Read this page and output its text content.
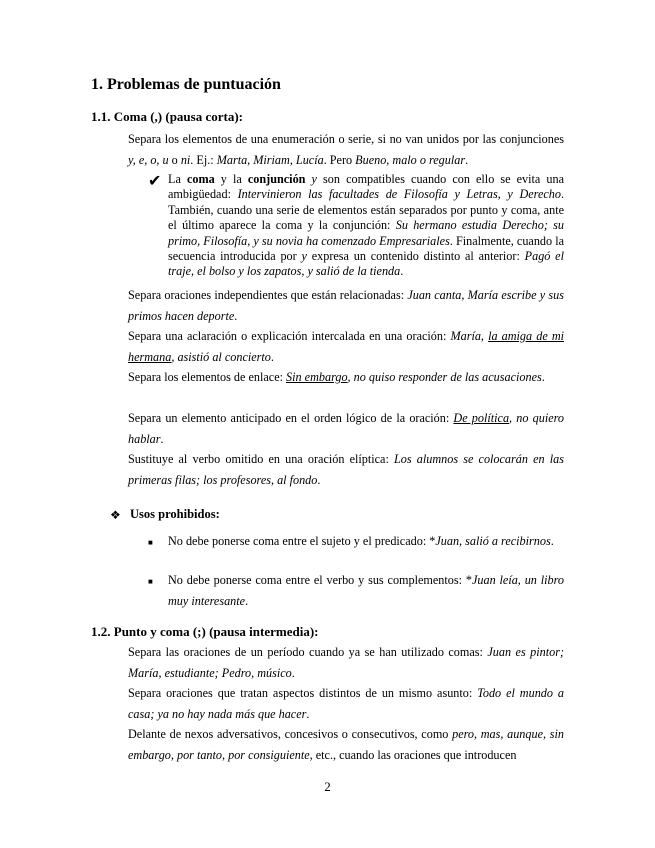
1. Problemas de puntuación
1.1. Coma (,) (pausa corta):

Separa los elementos de una enumeración o serie, si no van unidos por las conjunciones y, e, o, u o ni. Ej.: Marta, Miriam, Lucía. Pero Bueno, malo o regular.

✔ La coma y la conjunción y son compatibles cuando con ello se evita una ambigüedad: Intervinieron las facultades de Filosofía y Letras, y Derecho. También, cuando una serie de elementos están separados por punto y coma, ante el último aparece la coma y la conjunción: Su hermano estudia Derecho; su primo, Filosofía, y su novia ha comenzado Empresariales. Finalmente, cuando la secuencia introducida por y expresa un contenido distinto al anterior: Pagó el traje, el bolso y los zapatos, y salió de la tienda.

Separa oraciones independientes que están relacionadas: Juan canta, María escribe y sus primos hacen deporte.

Separa una aclaración o explicación intercalada en una oración: María, la amiga de mi hermana, asistió al concierto.

Separa los elementos de enlace: Sin embargo, no quiso responder de las acusaciones.

Separa un elemento anticipado en el orden lógico de la oración: De política, no quiero hablar.

Sustituye al verbo omitido en una oración elíptica: Los alumnos se colocarán en las primeras filas; los profesores, al fondo.

❖ Usos prohibidos:

■ No debe ponerse coma entre el sujeto y el predicado: *Juan, salió a recibirnos.

■ No debe ponerse coma entre el verbo y sus complementos: *Juan leía, un libro muy interesante.

1.2. Punto y coma (;) (pausa intermedia):

Separa las oraciones de un período cuando ya se han utilizado comas: Juan es pintor; María, estudiante; Pedro, músico.

Separa oraciones que tratan aspectos distintos de un mismo asunto: Todo el mundo a casa; ya no hay nada más que hacer.

Delante de nexos adversativos, concesivos o consecutivos, como pero, mas, aunque, sin embargo, por tanto, por consiguiente, etc., cuando las oraciones que introducen

2
